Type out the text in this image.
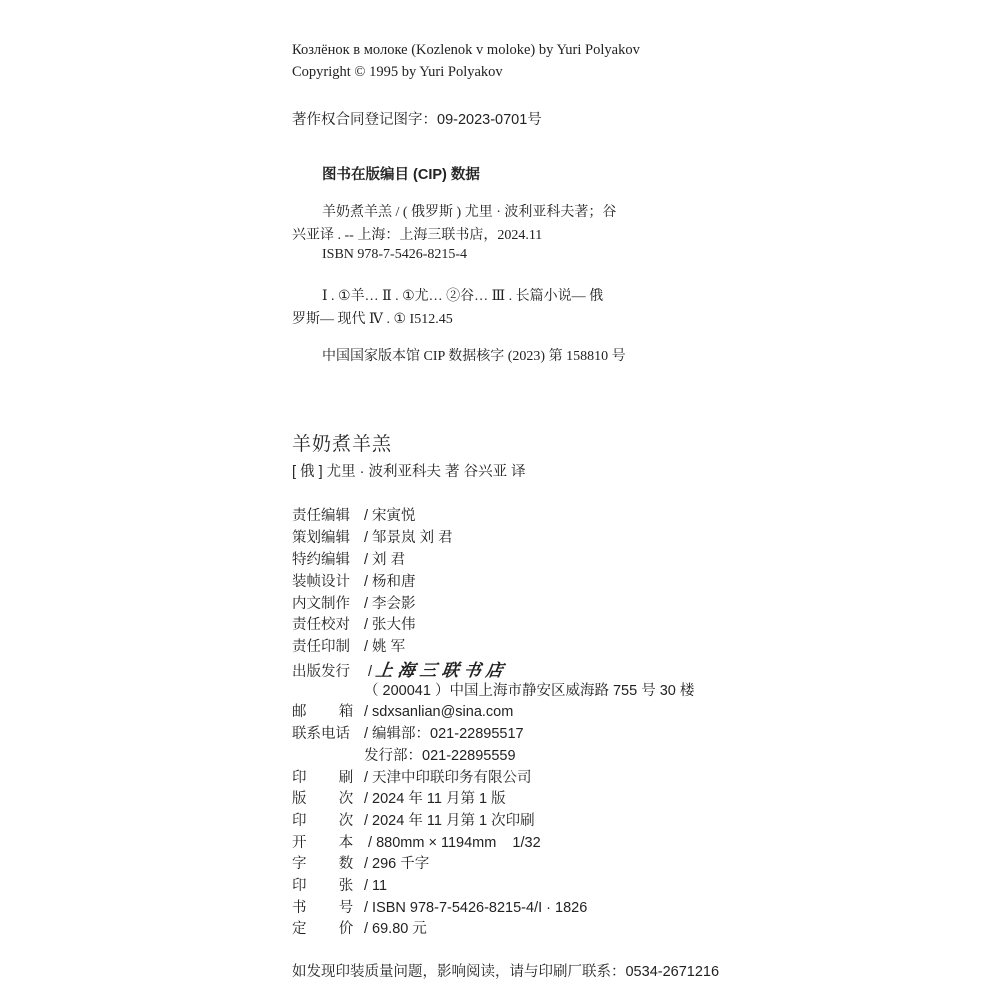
Козлёнок в молоке (Kozlenok v moloke) by Yuri Polyakov
Copyright © 1995 by Yuri Polyakov
著作权合同登记图字：09-2023-0701号
图书在版编目 (CIP) 数据
羊奶煮羊羔 / ( 俄罗斯 ) 尤里 · 波利亚科夫著；谷
兴亚译 . -- 上海：上海三联书店，2024.11
ISBN 978-7-5426-8215-4
Ⅰ . ①羊… Ⅱ . ①尤… ②谷… Ⅲ . 长篇小说— 俄
罗斯— 现代 Ⅳ . ① I512.45
中国国家版本馆 CIP 数据核字 (2023) 第 158810 号
羊奶煮羊羔
[ 俄 ] 尤里 · 波利亚科夫 著 谷兴亚 译
责任编辑/ 宋寅悦
策划编辑/ 邹景岚 刘 君
特约编辑/ 刘 君
装帧设计/ 杨和唐
内文制作/ 李会影
责任校对/ 张大伟
责任印制/ 姚 军
出版发行 / 上海三联书店
（ 200041 ）中国上海市静安区威海路 755 号 30 楼
邮        箱/ sdxsanlian@sina.com
联系电话/ 编辑部：021-22895517
发行部：021-22895559
印        刷/ 天津中印联印务有限公司
版        次/ 2024 年 11 月第 1 版
印        次/ 2024 年 11 月第 1 次印刷
开        本 / 880mm × 1194mm    1/32
字        数/ 296 千字
印        张/ 11
书        号/ ISBN 978-7-5426-8215-4/I · 1826
定        价/ 69.80 元
如发现印装质量问题，影响阅读，请与印刷厂联系：0534-2671216
